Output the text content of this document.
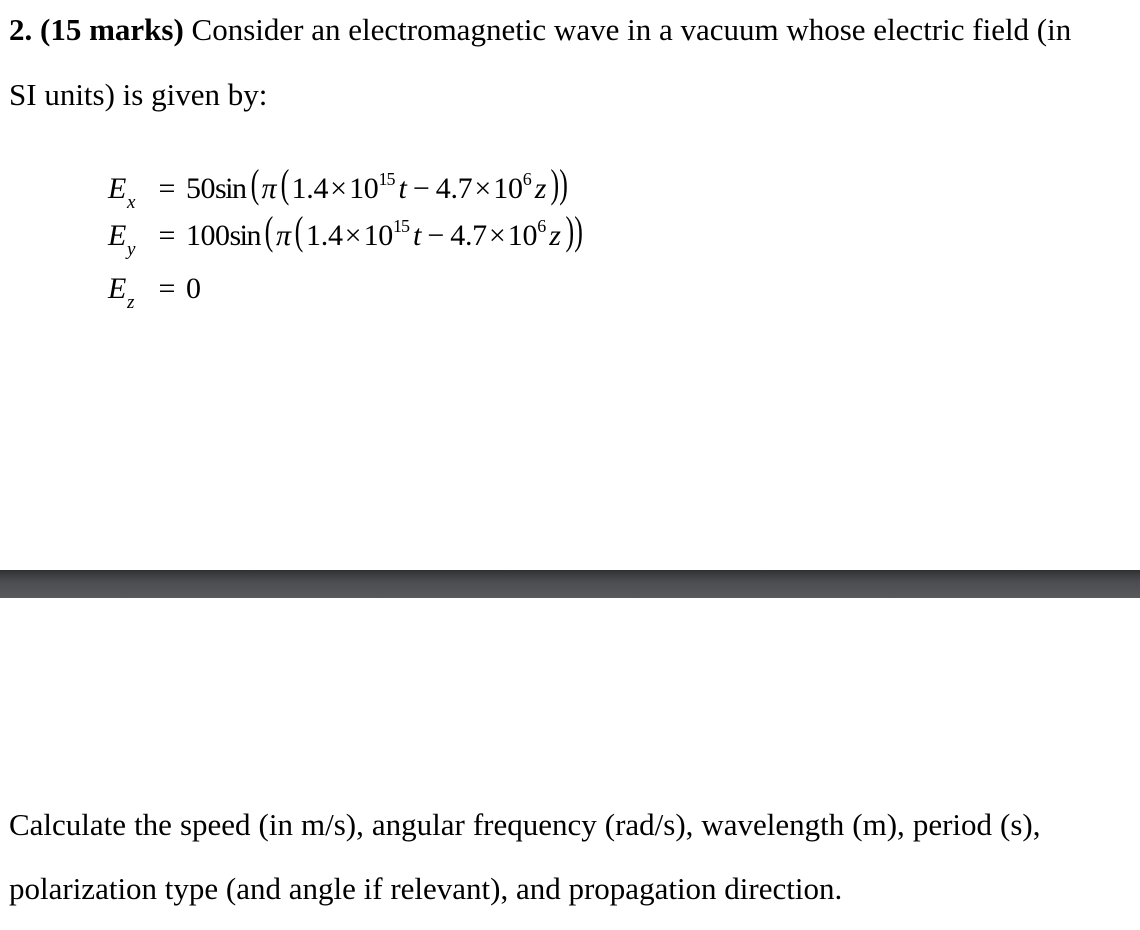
2. (15 marks) Consider an electromagnetic wave in a vacuum whose electric field (in
SI units) is given by:
Ex = 50sin (π(1.4×1015 t − 4.7×106 z ))
Ey = 100sin (π(1.4×1015 t − 4.7×106 z ))
Ez = 0
Calculate the speed (in m/s), angular frequency (rad/s), wavelength (m), period (s),
polarization type (and angle if relevant), and propagation direction.
